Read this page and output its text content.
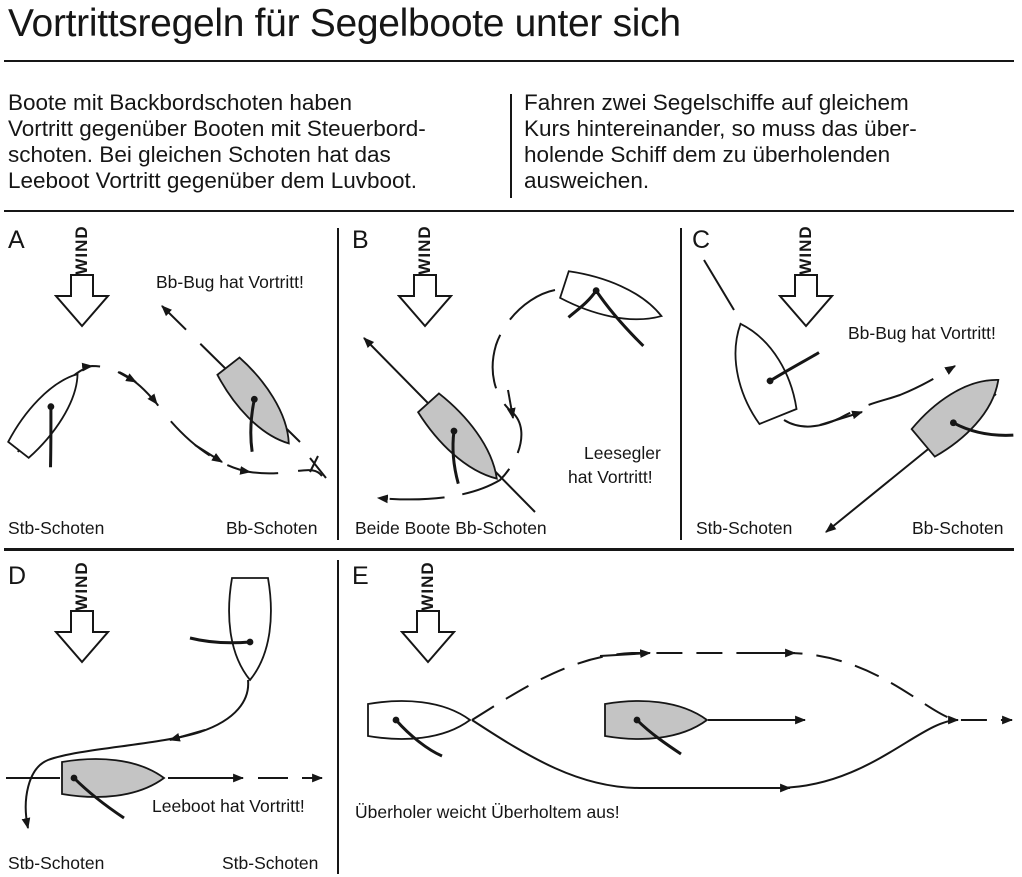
Vortrittsregeln für Segelboote unter sich

Boote mit Backbordschoten haben
Vortritt gegenüber Booten mit Steuerbord-
schoten. Bei gleichen Schoten hat das
Leeboot Vortritt gegenüber dem Luvboot.

Fahren zwei Segelschiffe auf gleichem
Kurs hintereinander, so muss das über-
holende Schiff dem zu überholenden
ausweichen.

A	B	C
D	E
WIND	WIND	WIND
WIND	WIND
Bb-Bug hat Vortritt!
Stb-Schoten	Bb-Schoten
Leesegler
hat Vortritt!
Beide Boote Bb-Schoten
Bb-Bug hat Vortritt!
Stb-Schoten	Bb-Schoten
Leeboot hat Vortritt!
Stb-Schoten	Stb-Schoten
Überholer weicht Überholtem aus!
